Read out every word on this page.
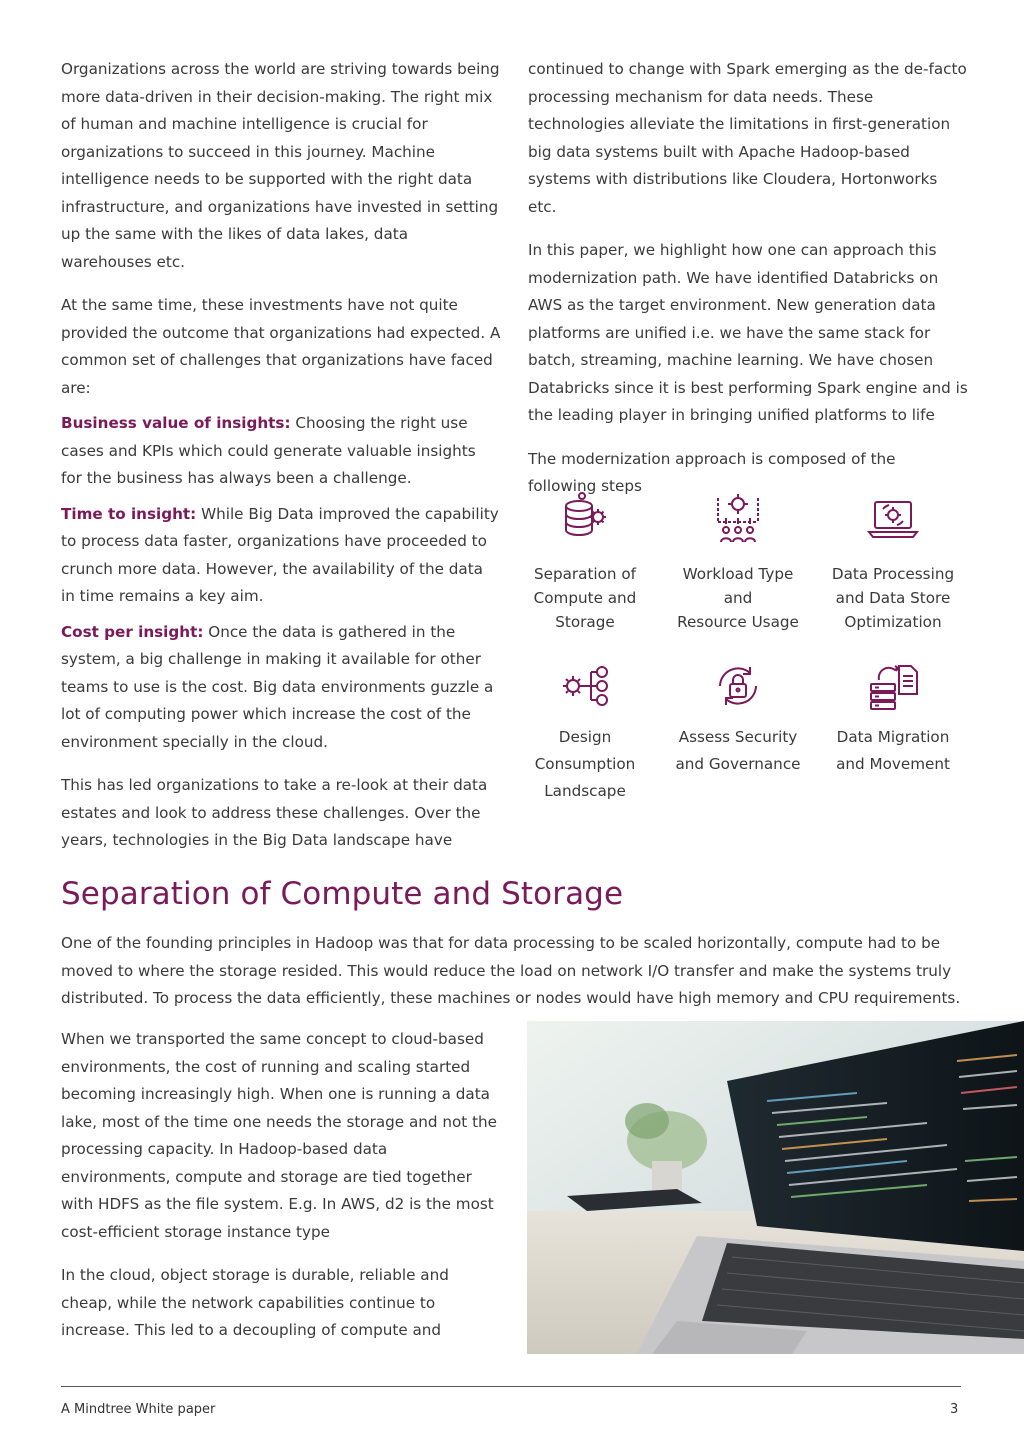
Organizations across the world are striving towards being more data-driven in their decision-making. The right mix of human and machine intelligence is crucial for organizations to succeed in this journey. Machine intelligence needs to be supported with the right data infrastructure, and organizations have invested in setting up the same with the likes of data lakes, data warehouses etc.

At the same time, these investments have not quite provided the outcome that organizations had expected. A common set of challenges that organizations have faced are:

Business value of insights: Choosing the right use cases and KPIs which could generate valuable insights for the business has always been a challenge.

Time to insight: While Big Data improved the capability to process data faster, organizations have proceeded to crunch more data. However, the availability of the data in time remains a key aim.

Cost per insight: Once the data is gathered in the system, a big challenge in making it available for other teams to use is the cost. Big data environments guzzle a lot of computing power which increase the cost of the environment specially in the cloud.

This has led organizations to take a re-look at their data estates and look to address these challenges. Over the years, technologies in the Big Data landscape have

continued to change with Spark emerging as the de-facto processing mechanism for data needs. These technologies alleviate the limitations in first-generation big data systems built with Apache Hadoop-based systems with distributions like Cloudera, Hortonworks etc.

In this paper, we highlight how one can approach this modernization path. We have identified Databricks on AWS as the target environment. New generation data platforms are unified i.e. we have the same stack for batch, streaming, machine learning. We have chosen Databricks since it is best performing Spark engine and is the leading player in bringing unified platforms to life

The modernization approach is composed of the following steps

Separation of
Compute and
Storage
Workload Type
and
Resource Usage
Data Processing
and Data Store
Optimization
Design
Consumption
Landscape
Assess Security
and Governance
Data Migration
and Movement
Separation of Compute and Storage

One of the founding principles in Hadoop was that for data processing to be scaled horizontally, compute had to be moved to where the storage resided. This would reduce the load on network I/O transfer and make the systems truly distributed. To process the data efficiently, these machines or nodes would have high memory and CPU requirements.

When we transported the same concept to cloud-based environments, the cost of running and scaling started becoming increasingly high. When one is running a data lake, most of the time one needs the storage and not the processing capacity. In Hadoop-based data environments, compute and storage are tied together with HDFS as the file system. E.g. In AWS, d2 is the most cost-efficient storage instance type

In the cloud, object storage is durable, reliable and cheap, while the network capabilities continue to increase. This led to a decoupling of compute and

A Mindtree White paper	3
